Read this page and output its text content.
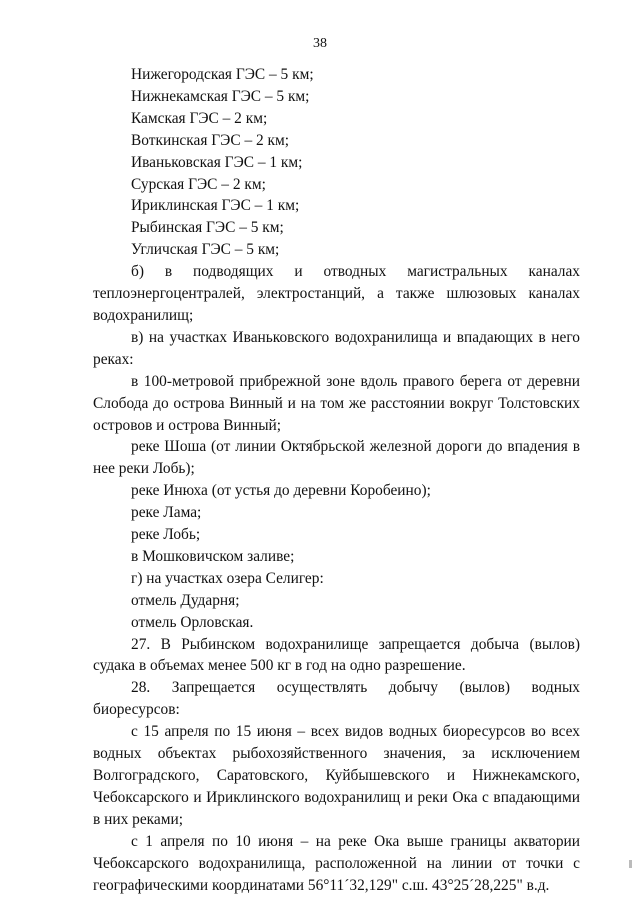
38

Нижегородская ГЭС – 5 км;

Нижнекамская ГЭС – 5 км;

Камская ГЭС – 2 км;

Воткинская ГЭС – 2 км;

Иваньковская ГЭС – 1 км;

Сурская ГЭС – 2 км;

Ириклинская ГЭС – 1 км;

Рыбинская ГЭС – 5 км;

Угличская ГЭС – 5 км;

б) в подводящих и отводных магистральных каналах теплоэнергоцентралей, электростанций, а также шлюзовых каналах водохранилищ;

в) на участках Иваньковского водохранилища и впадающих в него реках:

в 100-метровой прибрежной зоне вдоль правого берега от деревни Слобода до острова Винный и на том же расстоянии вокруг Толстовских островов и острова Винный;

реке Шоша (от линии Октябрьской железной дороги до впадения в нее реки Лобь);

реке Инюха (от устья до деревни Коробеино);

реке Лама;

реке Лобь;

в Мошковичском заливе;

г) на участках озера Селигер:

отмель Дударня;

отмель Орловская.

27. В Рыбинском водохранилище запрещается добыча (вылов) судака в объемах менее 500 кг в год на одно разрешение.

28. Запрещается осуществлять добычу (вылов) водных биоресурсов:

с 15 апреля по 15 июня – всех видов водных биоресурсов во всех водных объектах рыбохозяйственного значения, за исключением Волгоградского, Саратовского, Куйбышевского и Нижнекамского, Чебоксарского и Ириклинского водохранилищ и реки Ока с впадающими в них реками;

с 1 апреля по 10 июня – на реке Ока выше границы акватории Чебоксарского водохранилища, расположенной на линии от точки с географическими координатами 56°11´32,129" с.ш. 43°25´28,225" в.д.
